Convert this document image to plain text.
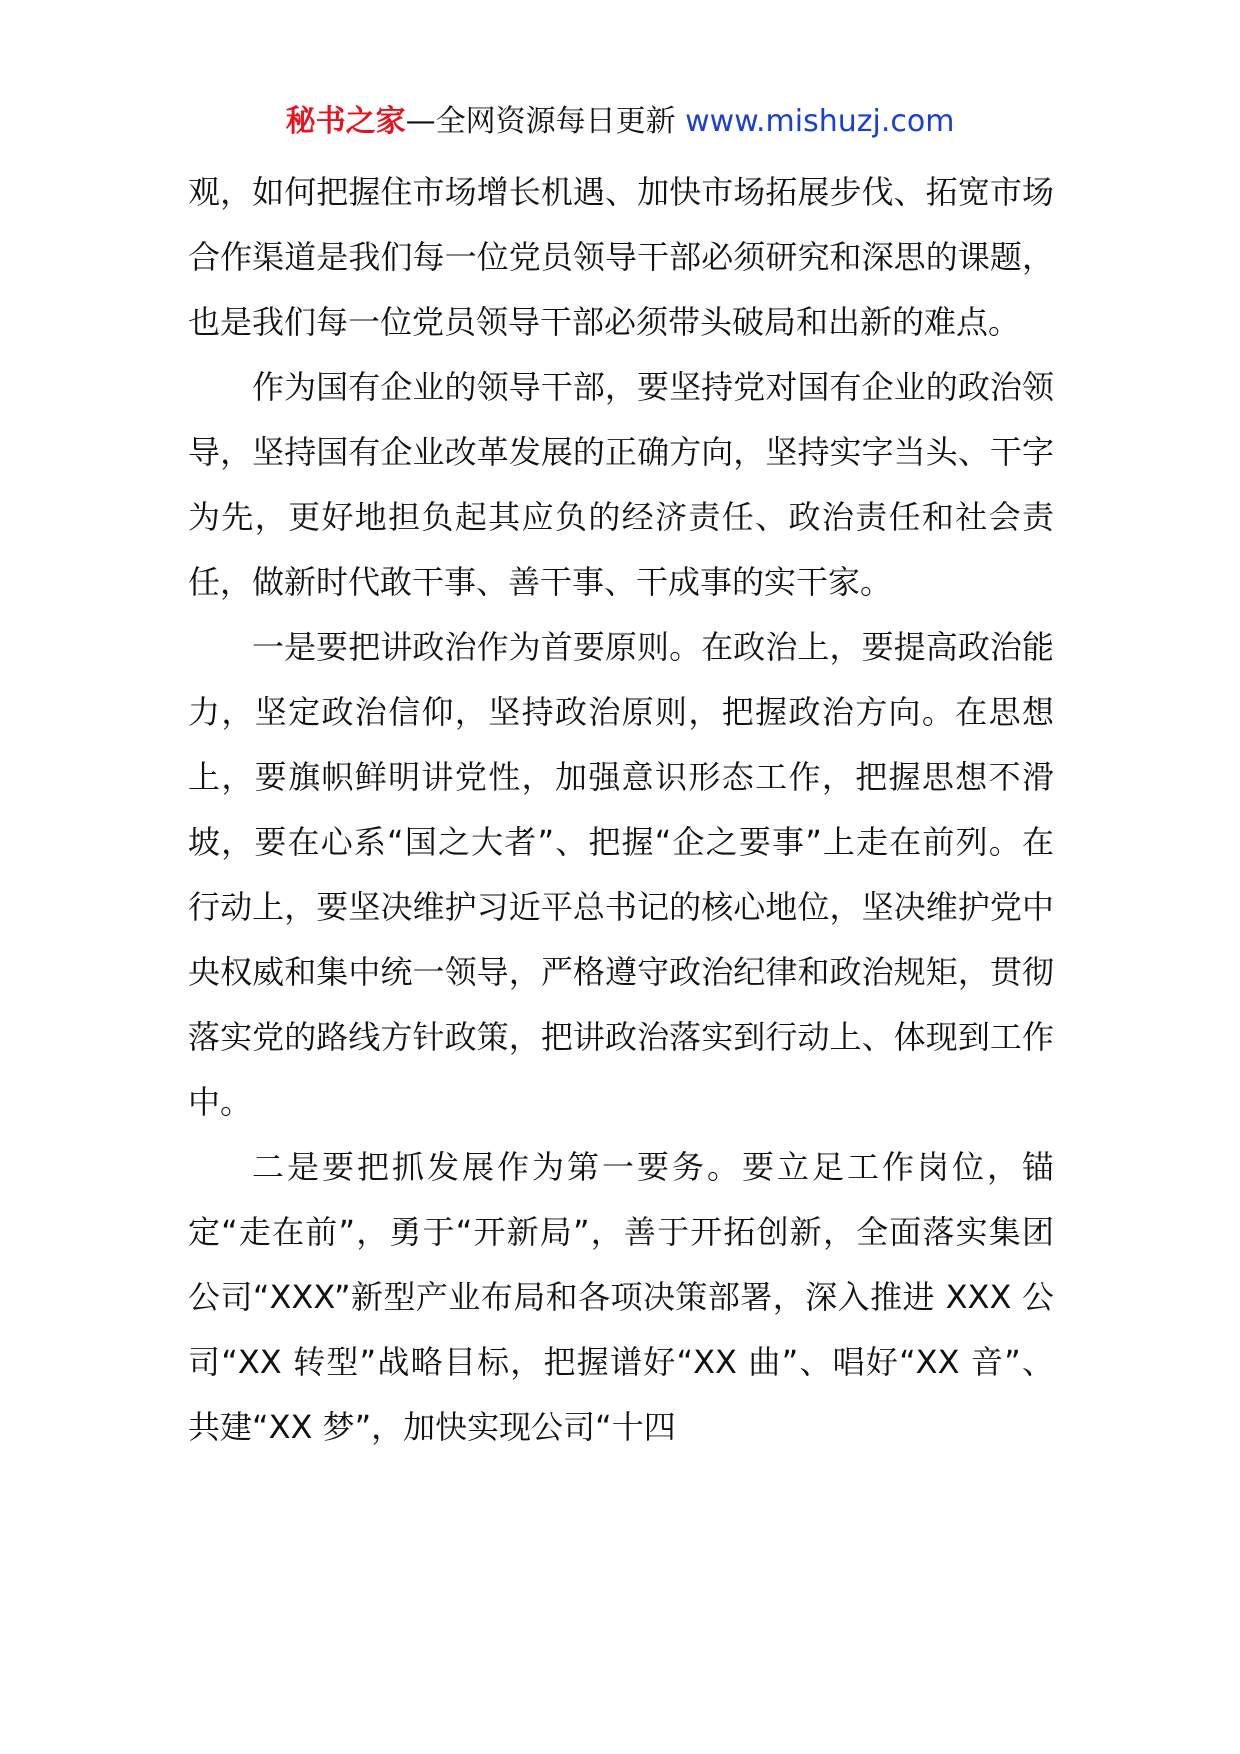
秘书之家—全网资源每日更新 www.mishuzj.com

观，如何把握住市场增长机遇、加快市场拓展步伐、拓宽市场合作渠道是我们每一位党员领导干部必须研究和深思的课题，也是我们每一位党员领导干部必须带头破局和出新的难点。

作为国有企业的领导干部，要坚持党对国有企业的政治领导，坚持国有企业改革发展的正确方向，坚持实字当头、干字为先，更好地担负起其应负的经济责任、政治责任和社会责任，做新时代敢干事、善干事、干成事的实干家。

一是要把讲政治作为首要原则。在政治上，要提高政治能力，坚定政治信仰，坚持政治原则，把握政治方向。在思想上，要旗帜鲜明讲党性，加强意识形态工作，把握思想不滑坡，要在心系“国之大者”、把握“企之要事”上走在前列。在行动上，要坚决维护习近平总书记的核心地位，坚决维护党中央权威和集中统一领导，严格遵守政治纪律和政治规矩，贯彻落实党的路线方针政策，把讲政治落实到行动上、体现到工作中。

二是要把抓发展作为第一要务。要立足工作岗位，锚定“走在前”，勇于“开新局”，善于开拓创新，全面落实集团公司“XXX”新型产业布局和各项决策部署，深入推进 XXX 公司“XX 转型”战略目标，把握谱好“XX 曲”、唱好“XX 音”、共建“XX 梦”，加快实现公司“十四
